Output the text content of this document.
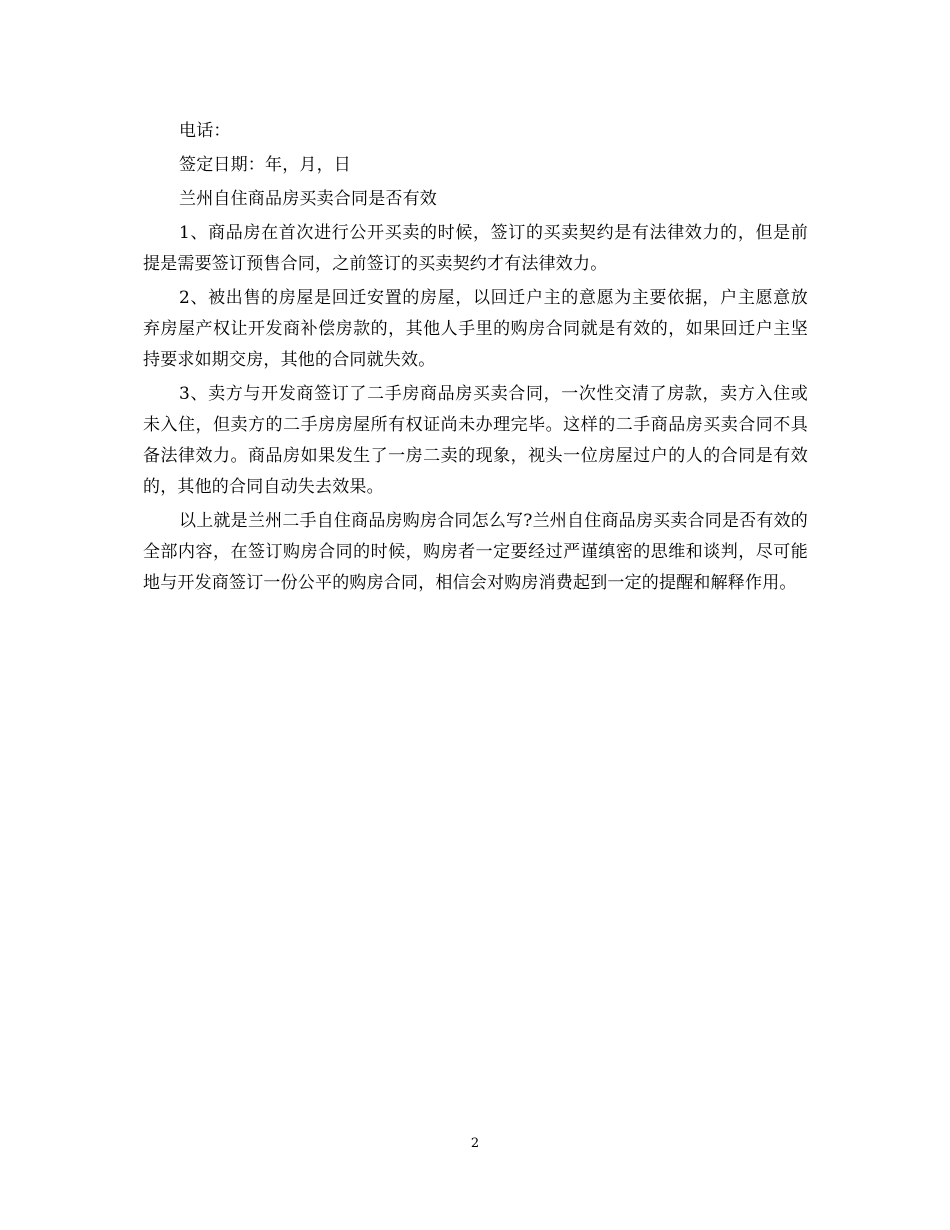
电话：

签定日期：年，月，日

兰州自住商品房买卖合同是否有效

1、商品房在首次进行公开买卖的时候，签订的买卖契约是有法律效力的，但是前提是需要签订预售合同，之前签订的买卖契约才有法律效力。

2、被出售的房屋是回迁安置的房屋，以回迁户主的意愿为主要依据，户主愿意放弃房屋产权让开发商补偿房款的，其他人手里的购房合同就是有效的，如果回迁户主坚持要求如期交房，其他的合同就失效。

3、卖方与开发商签订了二手房商品房买卖合同，一次性交清了房款，卖方入住或未入住，但卖方的二手房房屋所有权证尚未办理完毕。这样的二手商品房买卖合同不具备法律效力。商品房如果发生了一房二卖的现象，视头一位房屋过户的人的合同是有效的，其他的合同自动失去效果。

以上就是兰州二手自住商品房购房合同怎么写?兰州自住商品房买卖合同是否有效的全部内容，在签订购房合同的时候，购房者一定要经过严谨缜密的思维和谈判，尽可能地与开发商签订一份公平的购房合同，相信会对购房消费起到一定的提醒和解释作用。

2
